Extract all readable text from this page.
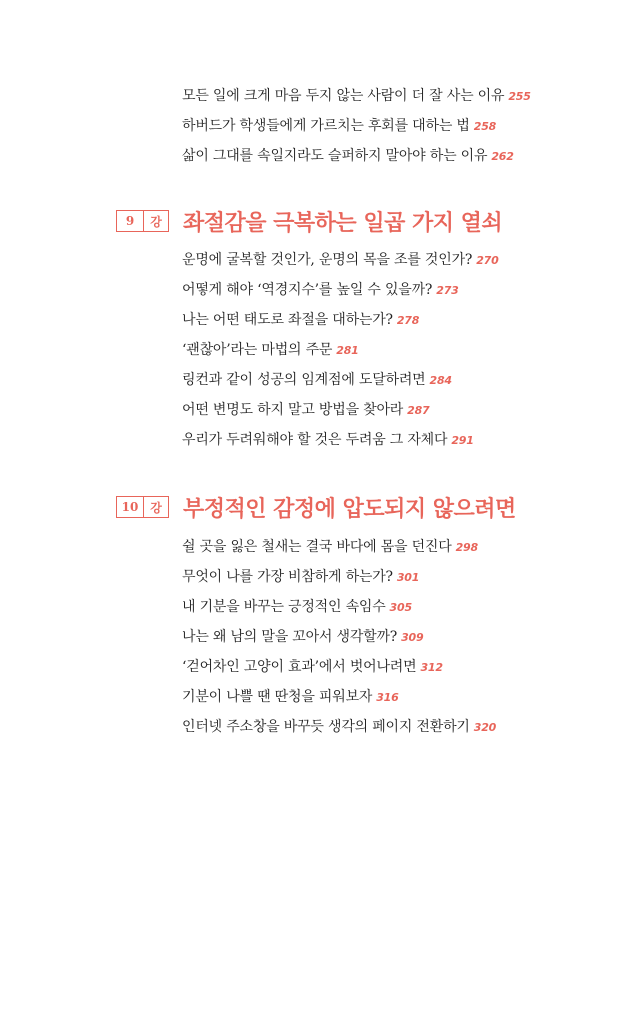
모든 일에 크게 마음 두지 않는 사람이 더 잘 사는 이유 255
하버드가 학생들에게 가르치는 후회를 대하는 법 258
삶이 그대를 속일지라도 슬퍼하지 말아야 하는 이유 262
9	강 좌절감을 극복하는 일곱 가지 열쇠
운명에 굴복할 것인가, 운명의 목을 조를 것인가? 270
어떻게 해야 ‘역경지수’를 높일 수 있을까? 273
나는 어떤 태도로 좌절을 대하는가? 278
‘괜찮아’라는 마법의 주문 281
링컨과 같이 성공의 임계점에 도달하려면 284
어떤 변명도 하지 말고 방법을 찾아라 287
우리가 두려워해야 할 것은 두려움 그 자체다 291
10 강 부정적인 감정에 압도되지 않으려면
쉴 곳을 잃은 철새는 결국 바다에 몸을 던진다 298
무엇이 나를 가장 비참하게 하는가? 301
내 기분을 바꾸는 긍정적인 속임수 305
나는 왜 남의 말을 꼬아서 생각할까? 309
‘걷어차인 고양이 효과’에서 벗어나려면 312
기분이 나쁠 땐 딴청을 피워보자 316
인터넷 주소창을 바꾸듯 생각의 페이지 전환하기 320
